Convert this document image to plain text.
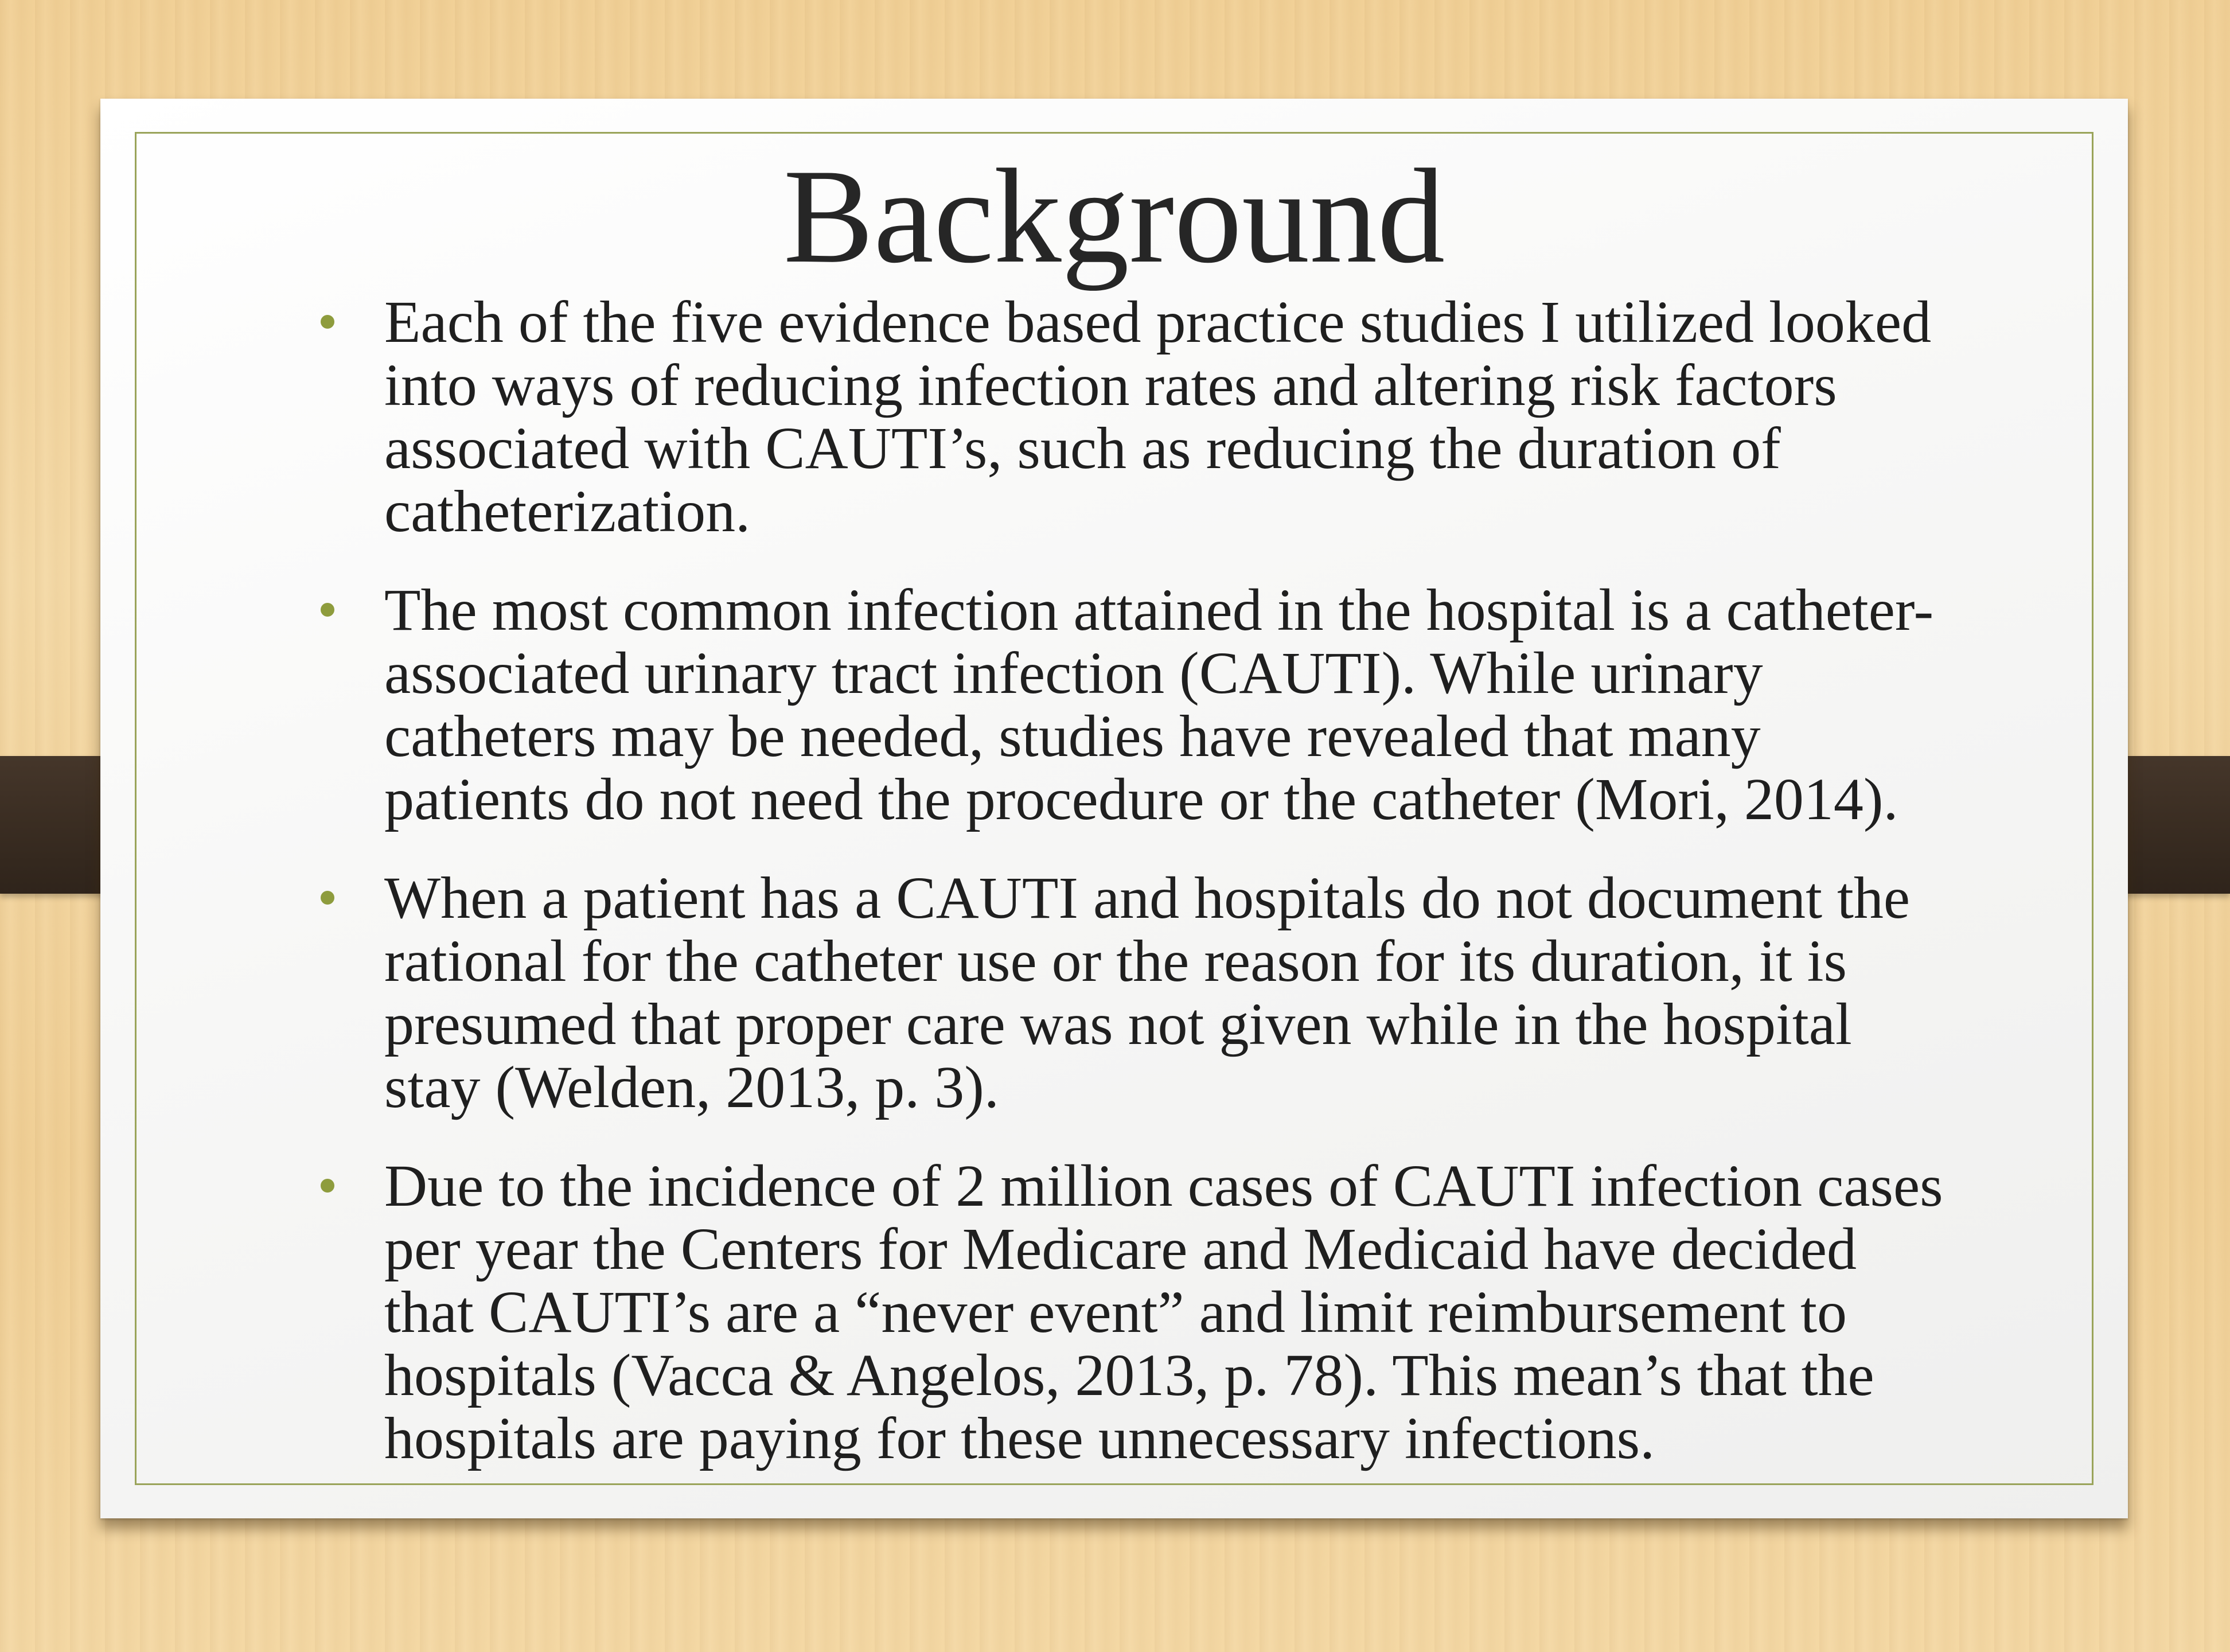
Background
Each of the five evidence based practice studies I utilized looked
into ways of reducing infection rates and altering risk factors
associated with CAUTI’s, such as reducing the duration of
catheterization.
The most common infection attained in the hospital is a catheter-
associated urinary tract infection (CAUTI). While urinary
catheters may be needed, studies have revealed that many
patients do not need the procedure or the catheter (Mori, 2014).
When a patient has a CAUTI and hospitals do not document the
rational for the catheter use or the reason for its duration, it is
presumed that proper care was not given while in the hospital
stay (Welden, 2013, p. 3).
Due to the incidence of 2 million cases of CAUTI infection cases
per year the Centers for Medicare and Medicaid have decided
that CAUTI’s are a “never event” and limit reimbursement to
hospitals (Vacca & Angelos, 2013, p. 78). This mean’s that the
hospitals are paying for these unnecessary infections.
